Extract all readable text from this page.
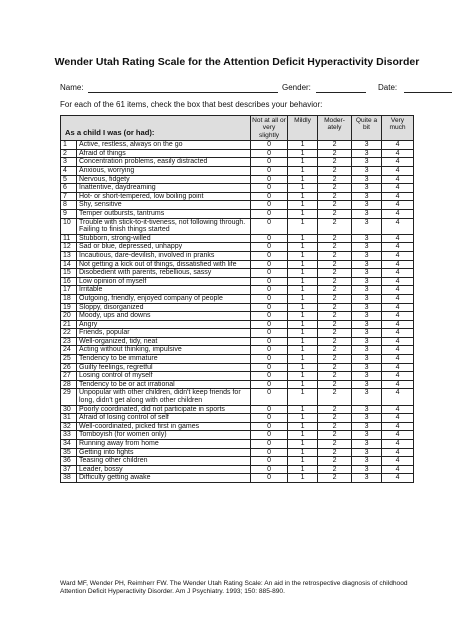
Wender Utah Rating Scale for the Attention Deficit Hyperactivity Disorder
Name:	Gender:	Date:
For each of the 61 items, check the box that best describes your behavior:
As a child I was (or had):		Not at all or very slightly	Mildly	Moder-ately	Quite a bit	Very much
1	Active, restless, always on the go	0	1	2	3	4
2	Afraid of things	0	1	2	3	4
3	Concentration problems, easily distracted	0	1	2	3	4
4	Anxious, worrying	0	1	2	3	4
5	Nervous, fidgety	0	1	2	3	4
6	Inattentive, daydreaming	0	1	2	3	4
7	Hot- or short-tempered, low boiling point	0	1	2	3	4
8	Shy, sensitive	0	1	2	3	4
9	Temper outbursts, tantrums	0	1	2	3	4
10	Trouble with stick-to-it-tiveness, not following through. Failing to finish things started	0	1	2	3	4
11	Stubborn, strong-willed	0	1	2	3	4
12	Sad or blue, depressed, unhappy	0	1	2	3	4
13	Incautious, dare-devilish, involved in pranks	0	1	2	3	4
14	Not getting a kick out of things, dissatisfied with life	0	1	2	3	4
15	Disobedient with parents, rebellious, sassy	0	1	2	3	4
16	Low opinion of myself	0	1	2	3	4
17	Irritable	0	1	2	3	4
18	Outgoing, friendly, enjoyed company of people	0	1	2	3	4
19	Sloppy, disorganized	0	1	2	3	4
20	Moody, ups and downs	0	1	2	3	4
21	Angry	0	1	2	3	4
22	Friends, popular	0	1	2	3	4
23	Well-organized, tidy, neat	0	1	2	3	4
24	Acting without thinking, impulsive	0	1	2	3	4
25	Tendency to be immature	0	1	2	3	4
26	Guilty feelings, regretful	0	1	2	3	4
27	Losing control of myself	0	1	2	3	4
28	Tendency to be or act irrational	0	1	2	3	4
29	Unpopular with other children, didn't keep friends for long, didn't get along with other children	0	1	2	3	4
30	Poorly coordinated, did not participate in sports	0	1	2	3	4
31	Afraid of losing control of self	0	1	2	3	4
32	Well-coordinated, picked first in games	0	1	2	3	4
33	Tomboyish (for women only)	0	1	2	3	4
34	Running away from home	0	1	2	3	4
35	Getting into fights	0	1	2	3	4
36	Teasing other children	0	1	2	3	4
37	Leader, bossy	0	1	2	3	4
38	Difficulty getting awake	0	1	2	3	4
Ward MF, Wender PH, Reimherr FW. The Wender Utah Rating Scale: An aid in the retrospective diagnosis of childhood Attention Deficit Hyperactivity Disorder. Am J Psychiatry. 1993; 150: 885-890.
